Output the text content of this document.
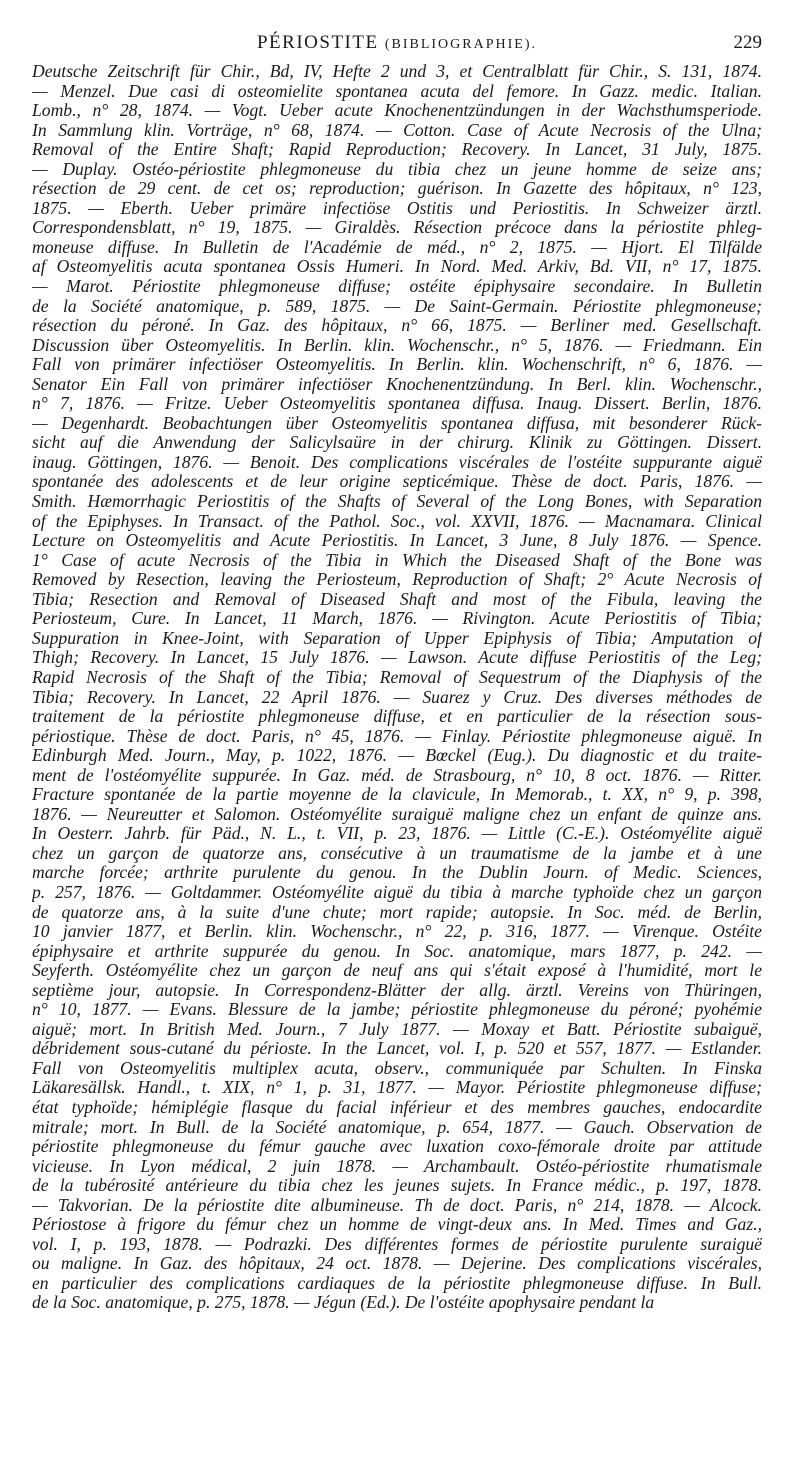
PÉRIOSTITE (BIBLIOGRAPHIE).	229
Deutsche Zeitschrift für Chir., Bd, IV, Hefte 2 und 3, et Centralblatt für Chir., S. 131, 1874.
— Menzel. Due casi di osteomielite spontanea acuta del femore. In Gazz. medic. Italian.
Lomb., n° 28, 1874. — Vogt. Ueber acute Knochenentzündungen in der Wachsthumsperiode.
In Sammlung klin. Vorträge, n° 68, 1874. — Cotton. Case of Acute Necrosis of the Ulna;
Removal of the Entire Shaft; Rapid Reproduction; Recovery. In Lancet, 31 July, 1875.
— Duplay. Ostéo-périostite phlegmoneuse du tibia chez un jeune homme de seize ans;
résection de 29 cent. de cet os; reproduction; guérison. In Gazette des hôpitaux, n° 123,
1875. — Eberth. Ueber primäre infectiöse Ostitis und Periostitis. In Schweizer ärztl.
Correspondensblatt, n° 19, 1875. — Giraldès. Résection précoce dans la périostite phleg-
moneuse diffuse. In Bulletin de l'Académie de méd., n° 2, 1875. — Hjort. El Tilfälde
af Osteomyelitis acuta spontanea Ossis Humeri. In Nord. Med. Arkiv, Bd. VII, n° 17, 1875.
— Marot. Périostite phlegmoneuse diffuse; ostéite épiphysaire secondaire. In Bulletin
de la Société anatomique, p. 589, 1875. — De Saint-Germain. Périostite phlegmoneuse;
résection du péroné. In Gaz. des hôpitaux, n° 66, 1875. — Berliner med. Gesellschaft.
Discussion über Osteomyelitis. In Berlin. klin. Wochenschr., n° 5, 1876. — Friedmann. Ein
Fall von primärer infectiöser Osteomyelitis. In Berlin. klin. Wochenschrift, n° 6, 1876. —
Senator Ein Fall von primärer infectiöser Knochenentzündung. In Berl. klin. Wochenschr.,
n° 7, 1876. — Fritze. Ueber Osteomyelitis spontanea diffusa. Inaug. Dissert. Berlin, 1876.
— Degenhardt. Beobachtungen über Osteomyelitis spontanea diffusa, mit besonderer Rück-
sicht auf die Anwendung der Salicylsaüre in der chirurg. Klinik zu Göttingen. Dissert.
inaug. Göttingen, 1876. — Benoit. Des complications viscérales de l'ostéite suppurante aiguë
spontanée des adolescents et de leur origine septicémique. Thèse de doct. Paris, 1876. —
Smith. Hæmorrhagic Periostitis of the Shafts of Several of the Long Bones, with Separation
of the Epiphyses. In Transact. of the Pathol. Soc., vol. XXVII, 1876. — Macnamara. Clinical
Lecture on Osteomyelitis and Acute Periostitis. In Lancet, 3 June, 8 July 1876. — Spence.
1° Case of acute Necrosis of the Tibia in Which the Diseased Shaft of the Bone was
Removed by Resection, leaving the Periosteum, Reproduction of Shaft; 2° Acute Necrosis of
Tibia; Resection and Removal of Diseased Shaft and most of the Fibula, leaving the
Periosteum, Cure. In Lancet, 11 March, 1876. — Rivington. Acute Periostitis of Tibia;
Suppuration in Knee-Joint, with Separation of Upper Epiphysis of Tibia; Amputation of
Thigh; Recovery. In Lancet, 15 July 1876. — Lawson. Acute diffuse Periostitis of the Leg;
Rapid Necrosis of the Shaft of the Tibia; Removal of Sequestrum of the Diaphysis of the
Tibia; Recovery. In Lancet, 22 April 1876. — Suarez y Cruz. Des diverses méthodes de
traitement de la périostite phlegmoneuse diffuse, et en particulier de la résection sous-
périostique. Thèse de doct. Paris, n° 45, 1876. — Finlay. Périostite phlegmoneuse aiguë. In
Edinburgh Med. Journ., May, p. 1022, 1876. — Bœckel (Eug.). Du diagnostic et du traite-
ment de l'ostéomyélite suppurée. In Gaz. méd. de Strasbourg, n° 10, 8 oct. 1876. — Ritter.
Fracture spontanée de la partie moyenne de la clavicule, In Memorab., t. XX, n° 9, p. 398,
1876. — Neureutter et Salomon. Ostéomyélite suraiguë maligne chez un enfant de quinze ans.
In Oesterr. Jahrb. für Päd., N. L., t. VII, p. 23, 1876. — Little (C.-E.). Ostéomyélite aiguë
chez un garçon de quatorze ans, consécutive à un traumatisme de la jambe et à une
marche forcée; arthrite purulente du genou. In the Dublin Journ. of Medic. Sciences,
p. 257, 1876. — Goltdammer. Ostéomyélite aiguë du tibia à marche typhoïde chez un garçon
de quatorze ans, à la suite d'une chute; mort rapide; autopsie. In Soc. méd. de Berlin,
10 janvier 1877, et Berlin. klin. Wochenschr., n° 22, p. 316, 1877. — Virenque. Ostéite
épiphysaire et arthrite suppurée du genou. In Soc. anatomique, mars 1877, p. 242. —
Seyferth. Ostéomyélite chez un garçon de neuf ans qui s'était exposé à l'humidité, mort le
septième jour, autopsie. In Correspondenz-Blätter der allg. ärztl. Vereins von Thüringen,
n° 10, 1877. — Evans. Blessure de la jambe; périostite phlegmoneuse du péroné; pyohémie
aiguë; mort. In British Med. Journ., 7 July 1877. — Moxay et Batt. Périostite subaiguë,
débridement sous-cutané du périoste. In the Lancet, vol. I, p. 520 et 557, 1877. — Estlander.
Fall von Osteomyelitis multiplex acuta, observ., communiquée par Schulten. In Finska
Läkaresällsk. Handl., t. XIX, n° 1, p. 31, 1877. — Mayor. Périostite phlegmoneuse diffuse;
état typhoïde; hémiplégie flasque du facial inférieur et des membres gauches, endocardite
mitrale; mort. In Bull. de la Société anatomique, p. 654, 1877. — Gauch. Observation de
périostite phlegmoneuse du fémur gauche avec luxation coxo-fémorale droite par attitude
vicieuse. In Lyon médical, 2 juin 1878. — Archambault. Ostéo-périostite rhumatismale
de la tubérosité antérieure du tibia chez les jeunes sujets. In France médic., p. 197, 1878.
— Takvorian. De la périostite dite albumineuse. Th de doct. Paris, n° 214, 1878. — Alcock.
Périostose à frigore du fémur chez un homme de vingt-deux ans. In Med. Times and Gaz.,
vol. I, p. 193, 1878. — Podrazki. Des différentes formes de périostite purulente suraiguë
ou maligne. In Gaz. des hôpitaux, 24 oct. 1878. — Dejerine. Des complications viscérales,
en particulier des complications cardiaques de la périostite phlegmoneuse diffuse. In Bull.
de la Soc. anatomique, p. 275, 1878. — Jégun (Ed.). De l'ostéite apophysaire pendant la
